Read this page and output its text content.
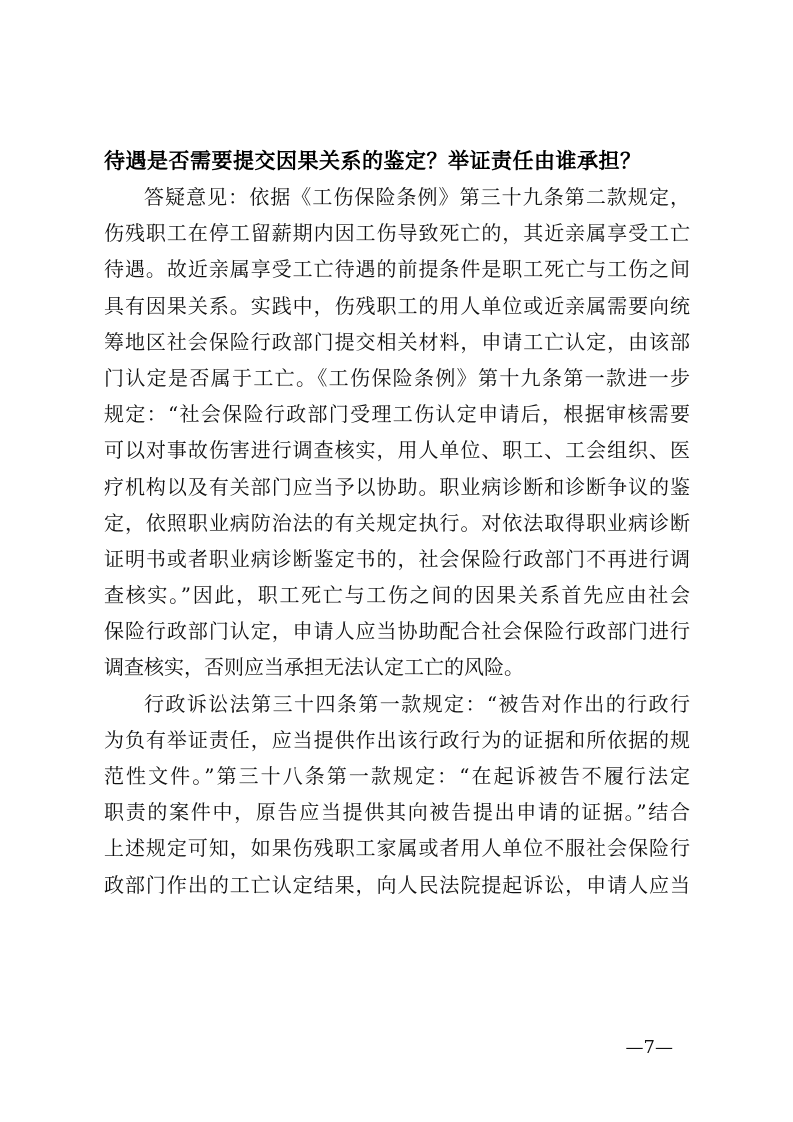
待遇是否需要提交因果关系的鉴定？举证责任由谁承担？
答疑意见：依据《工伤保险条例》第三十九条第二款规定，
伤残职工在停工留薪期内因工伤导致死亡的，其近亲属享受工亡
待遇。故近亲属享受工亡待遇的前提条件是职工死亡与工伤之间
具有因果关系。实践中，伤残职工的用人单位或近亲属需要向统
筹地区社会保险行政部门提交相关材料，申请工亡认定，由该部
门认定是否属于工亡。《工伤保险条例》第十九条第一款进一步
规定：“社会保险行政部门受理工伤认定申请后，根据审核需要
可以对事故伤害进行调查核实，用人单位、职工、工会组织、医
疗机构以及有关部门应当予以协助。职业病诊断和诊断争议的鉴
定，依照职业病防治法的有关规定执行。对依法取得职业病诊断
证明书或者职业病诊断鉴定书的，社会保险行政部门不再进行调
查核实。”因此，职工死亡与工伤之间的因果关系首先应由社会
保险行政部门认定，申请人应当协助配合社会保险行政部门进行
调查核实，否则应当承担无法认定工亡的风险。
行政诉讼法第三十四条第一款规定：“被告对作出的行政行
为负有举证责任，应当提供作出该行政行为的证据和所依据的规
范性文件。”第三十八条第一款规定：“在起诉被告不履行法定
职责的案件中，原告应当提供其向被告提出申请的证据。”结合
上述规定可知，如果伤残职工家属或者用人单位不服社会保险行
政部门作出的工亡认定结果，向人民法院提起诉讼，申请人应当
—7—
